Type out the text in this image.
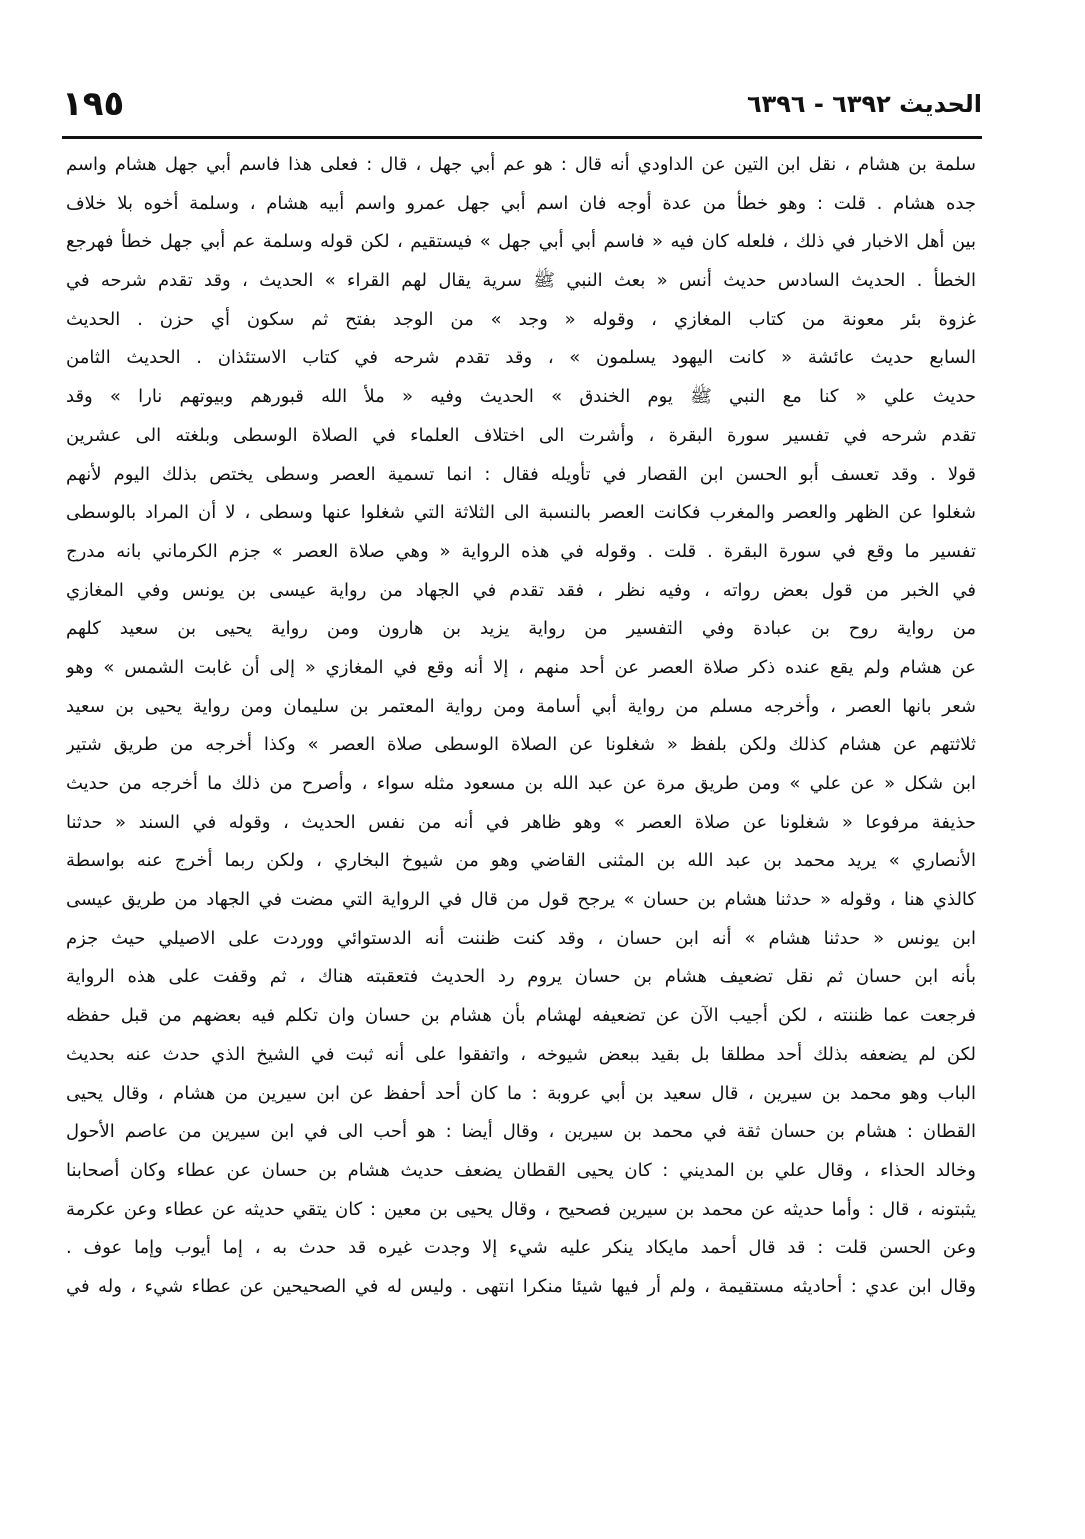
الحديث ٦٣٩٢ - ٦٣٩٦
١٩٥
سلمة بن هشام ، نقل ابن التين عن الداودي أنه قال : هو عم أبي جهل ، قال : فعلى هذا فاسم أبي جهل هشام واسم
جده هشام . قلت : وهو خطأ من عدة أوجه فان اسم أبي جهل عمرو واسم أبيه هشام ، وسلمة أخوه بلا خلاف
بين أهل الاخبار في ذلك ، فلعله كان فيه « فاسم أبي أبي جهل » فيستقيم ، لكن قوله وسلمة عم أبي جهل خطأ فهرجع
الخطأ . الحديث السادس حديث أنس « بعث النبي ﷺ سرية يقال لهم القراء » الحديث ، وقد تقدم شرحه في
غزوة بئر معونة من كتاب المغازي ، وقوله « وجد » من الوجد بفتح ثم سكون أي حزن . الحديث
السابع حديث عائشة « كانت اليهود يسلمون » ، وقد تقدم شرحه في كتاب الاستئذان . الحديث الثامن
حديث علي « كنا مع النبي ﷺ يوم الخندق » الحديث وفيه « ملأ الله قبورهم وبيوتهم نارا » وقد
تقدم شرحه في تفسير سورة البقرة ، وأشرت الى اختلاف العلماء في الصلاة الوسطى وبلغته الى عشرين
قولا . وقد تعسف أبو الحسن ابن القصار في تأويله فقال : انما تسمية العصر وسطى يختص بذلك اليوم لأنهم
شغلوا عن الظهر والعصر والمغرب فكانت العصر بالنسبة الى الثلاثة التي شغلوا عنها وسطى ، لا أن المراد بالوسطى
تفسير ما وقع في سورة البقرة . قلت . وقوله في هذه الرواية « وهي صلاة العصر » جزم الكرماني بانه مدرج
في الخبر من قول بعض رواته ، وفيه نظر ، فقد تقدم في الجهاد من رواية عيسى بن يونس وفي المغازي
من رواية روح بن عبادة وفي التفسير من رواية يزيد بن هارون ومن رواية يحيى بن سعيد كلهم
عن هشام ولم يقع عنده ذكر صلاة العصر عن أحد منهم ، إلا أنه وقع في المغازي « إلى أن غابت الشمس » وهو
شعر بانها العصر ، وأخرجه مسلم من رواية أبي أسامة ومن رواية المعتمر بن سليمان ومن رواية يحيى بن سعيد
ثلاثتهم عن هشام كذلك ولكن بلفظ « شغلونا عن الصلاة الوسطى صلاة العصر » وكذا أخرجه من طريق شتير
ابن شكل « عن علي » ومن طريق مرة عن عبد الله بن مسعود مثله سواء ، وأصرح من ذلك ما أخرجه من حديث
حذيفة مرفوعا « شغلونا عن صلاة العصر » وهو ظاهر في أنه من نفس الحديث ، وقوله في السند « حدثنا
الأنصاري » يريد محمد بن عبد الله بن المثنى القاضي وهو من شيوخ البخاري ، ولكن ربما أخرج عنه بواسطة
كالذي هنا ، وقوله « حدثنا هشام بن حسان » يرجح قول من قال في الرواية التي مضت في الجهاد من طريق عيسى
ابن يونس « حدثنا هشام » أنه ابن حسان ، وقد كنت ظننت أنه الدستوائي ووردت على الاصيلي حيث جزم
بأنه ابن حسان ثم نقل تضعيف هشام بن حسان يروم رد الحديث فتعقبته هناك ، ثم وقفت على هذه الرواية
فرجعت عما ظننته ، لكن أجيب الآن عن تضعيفه لهشام بأن هشام بن حسان وان تكلم فيه بعضهم من قبل حفظه
لكن لم يضعفه بذلك أحد مطلقا بل بقيد ببعض شيوخه ، واتفقوا على أنه ثبت في الشيخ الذي حدث عنه بحديث
الباب وهو محمد بن سيرين ، قال سعيد بن أبي عروبة : ما كان أحد أحفظ عن ابن سيرين من هشام ، وقال يحيى
القطان : هشام بن حسان ثقة في محمد بن سيرين ، وقال أيضا : هو أحب الى في ابن سيرين من عاصم الأحول
وخالد الحذاء ، وقال علي بن المديني : كان يحيى القطان يضعف حديث هشام بن حسان عن عطاء وكان أصحابنا
يثبتونه ، قال : وأما حديثه عن محمد بن سيرين فصحيح ، وقال يحيى بن معين : كان يتقي حديثه عن عطاء وعن عكرمة
وعن الحسن قلت : قد قال أحمد مايكاد ينكر عليه شيء إلا وجدت غيره قد حدث به ، إما أيوب وإما عوف .
وقال ابن عدي : أحاديثه مستقيمة ، ولم أر فيها شيئا منكرا انتهى . وليس له في الصحيحين عن عطاء شيء ، وله في
